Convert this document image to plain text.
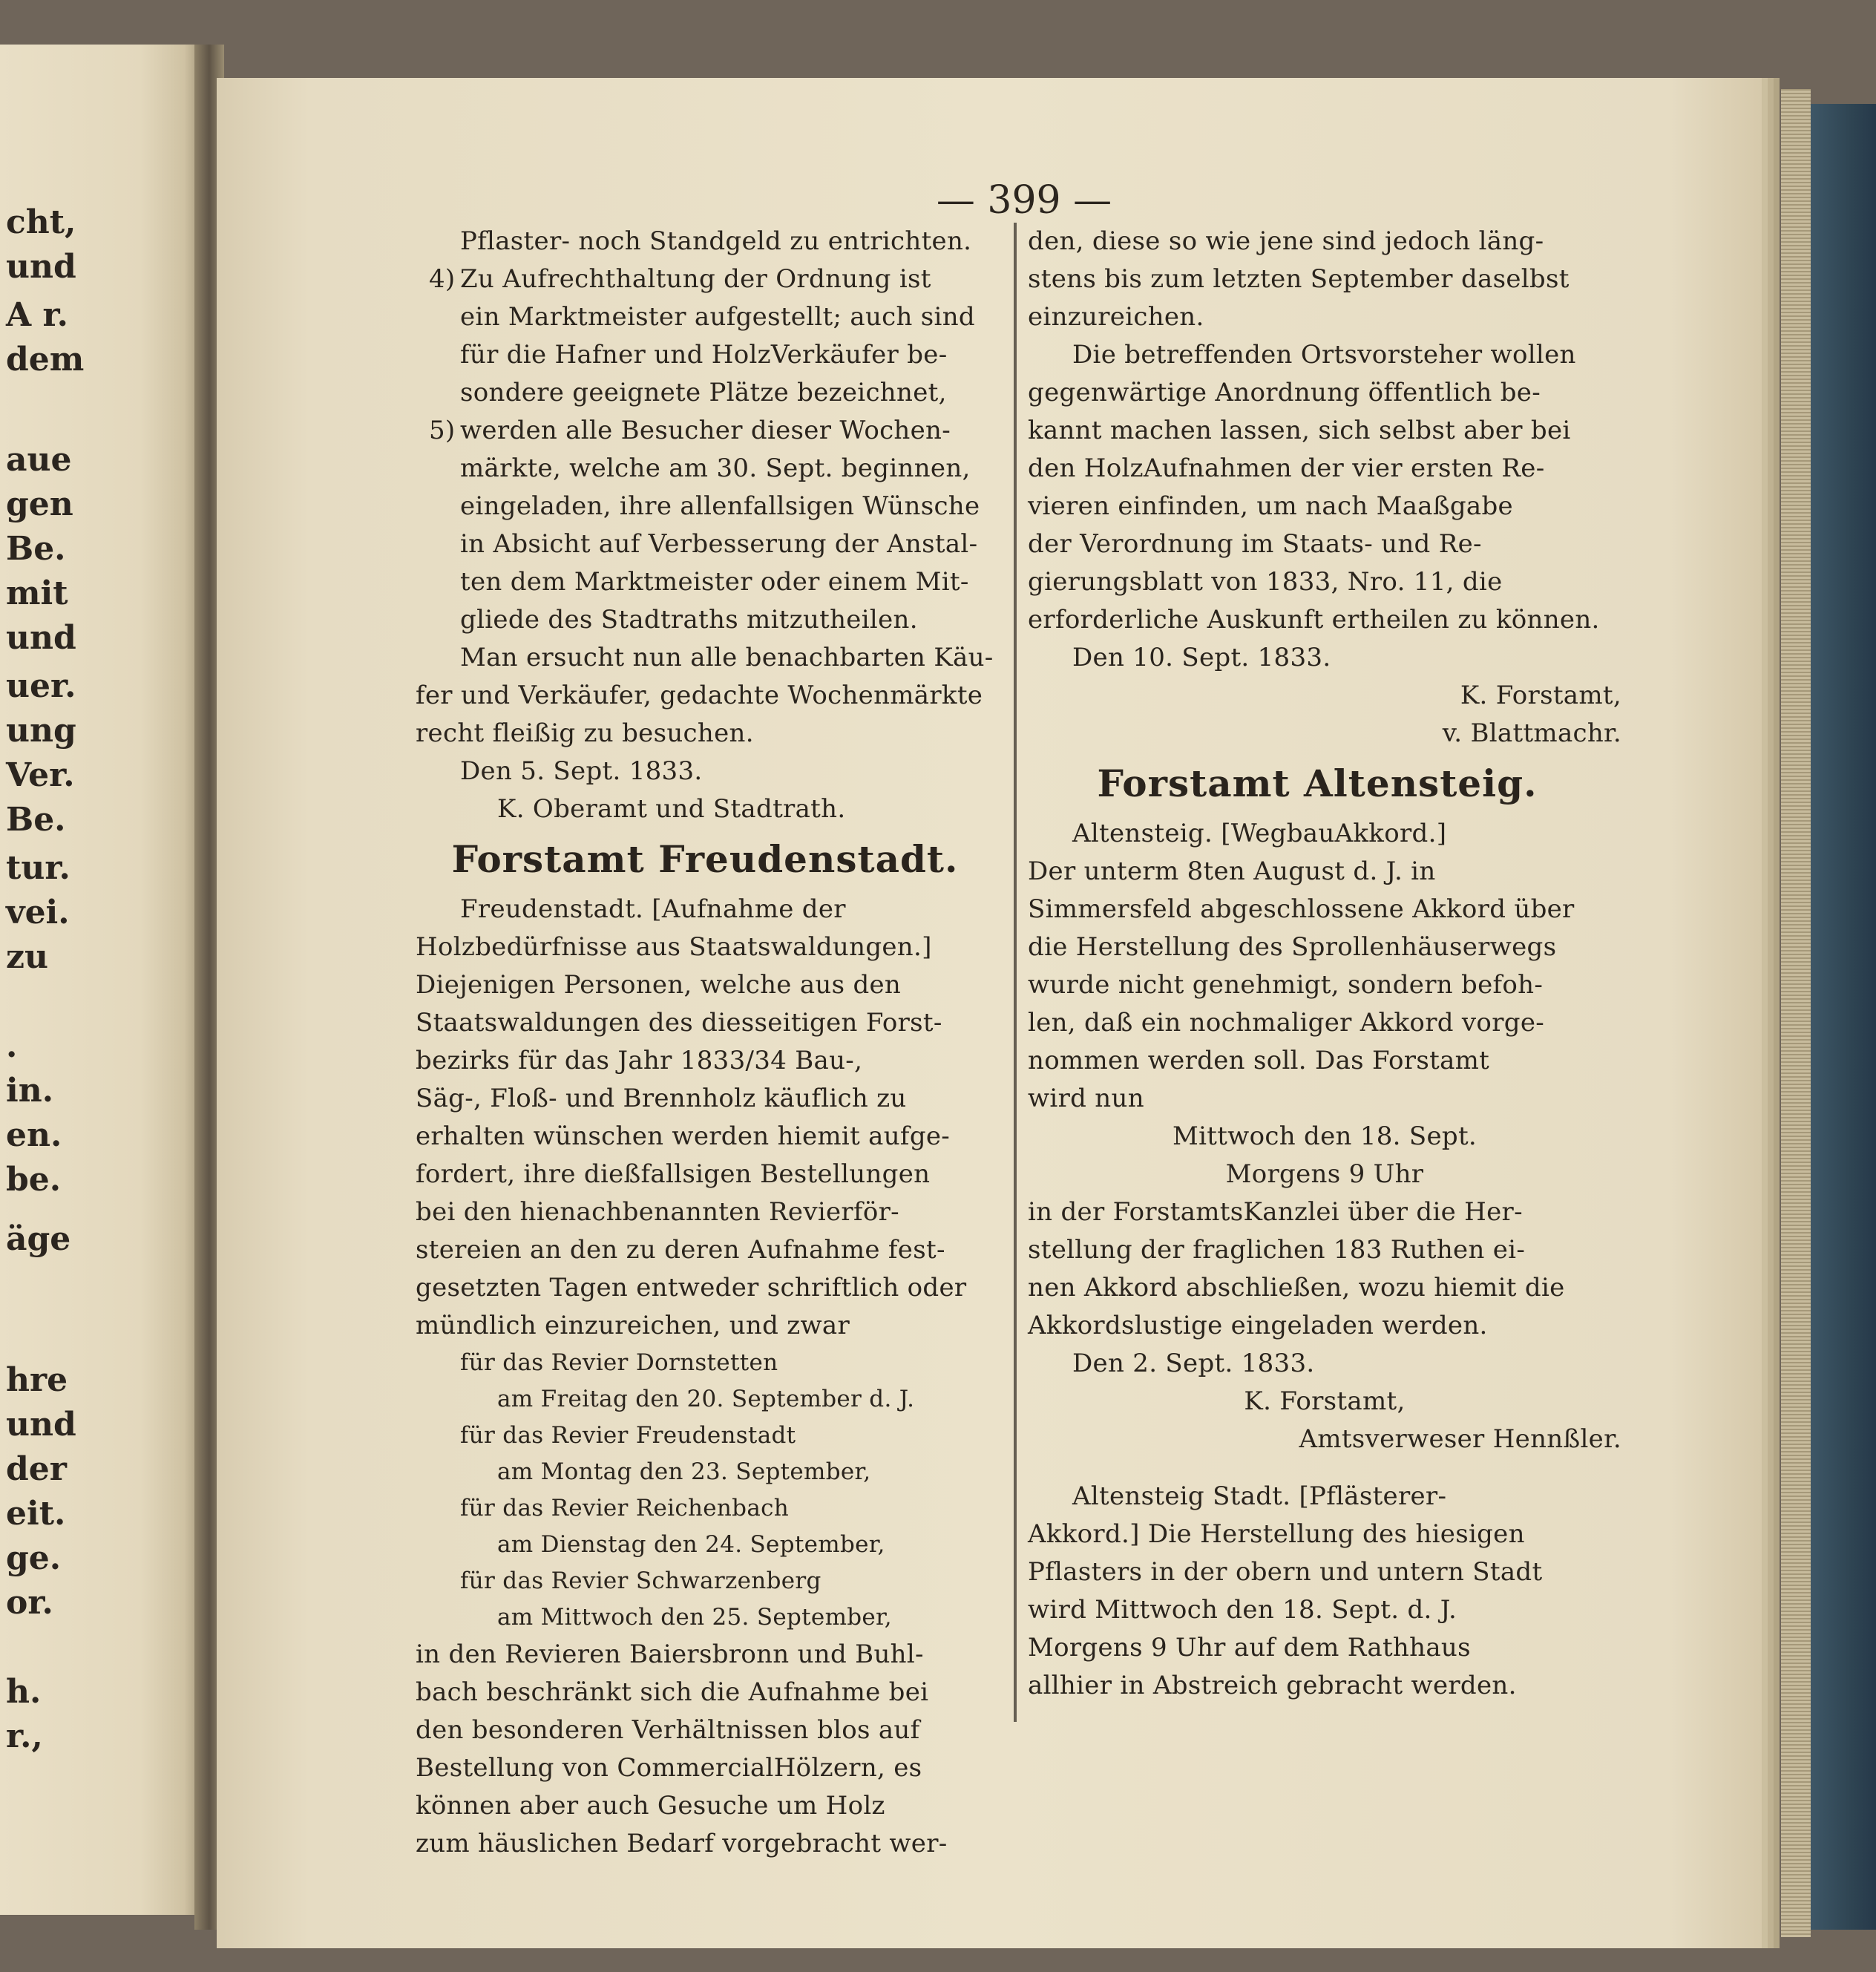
cht,
und
A r.
dem
aue
gen
Be.
mit
und
uer.
ung
Ver.
Be.
tur.
vei.
zu
.
in.
en.
be.
äge
hre
und
der
eit.
ge.
or.
h.
r.,
— 399 —

Pflaster- noch Standgeld zu entrichten.

4) Zu Aufrechthaltung der Ordnung ist

ein Marktmeister aufgestellt; auch sind

für die Hafner und HolzVerkäufer be-

sondere geeignete Plätze bezeichnet,

5) werden alle Besucher dieser Wochen-

märkte, welche am 30. Sept. beginnen,

eingeladen, ihre allenfallsigen Wünsche

in Absicht auf Verbesserung der Anstal-

ten dem Marktmeister oder einem Mit-

gliede des Stadtraths mitzutheilen.

Man ersucht nun alle benachbarten Käu-

fer und Verkäufer, gedachte Wochenmärkte

recht fleißig zu besuchen.

Den 5. Sept. 1833.

K. Oberamt und Stadtrath.

Forstamt Freudenstadt.

Freudenstadt. [Aufnahme der

Holzbedürfnisse aus Staatswaldungen.]

Diejenigen Personen, welche aus den

Staatswaldungen des diesseitigen Forst-

bezirks für das Jahr 1833/34 Bau-,

Säg-, Floß- und Brennholz käuflich zu

erhalten wünschen werden hiemit aufge-

fordert, ihre dießfallsigen Bestellungen

bei den hienachbenannten Revierför-

stereien an den zu deren Aufnahme fest-

gesetzten Tagen entweder schriftlich oder

mündlich einzureichen, und zwar

für das Revier Dornstetten

am Freitag den 20. September d. J.

für das Revier Freudenstadt

am Montag den 23. September,

für das Revier Reichenbach

am Dienstag den 24. September,

für das Revier Schwarzenberg

am Mittwoch den 25. September,

in den Revieren Baiersbronn und Buhl-

bach beschränkt sich die Aufnahme bei

den besonderen Verhältnissen blos auf

Bestellung von CommercialHölzern, es

können aber auch Gesuche um Holz

zum häuslichen Bedarf vorgebracht wer-

den, diese so wie jene sind jedoch läng-

stens bis zum letzten September daselbst

einzureichen.

Die betreffenden Ortsvorsteher wollen

gegenwärtige Anordnung öffentlich be-

kannt machen lassen, sich selbst aber bei

den HolzAufnahmen der vier ersten Re-

vieren einfinden, um nach Maaßgabe

der Verordnung im Staats- und Re-

gierungsblatt von 1833, Nro. 11, die

erforderliche Auskunft ertheilen zu können.

Den 10. Sept. 1833.

K. Forstamt,

v. Blattmachr.

Forstamt Altensteig.

Altensteig. [WegbauAkkord.]

Der unterm 8ten August d. J. in

Simmersfeld abgeschlossene Akkord über

die Herstellung des Sprollenhäuserwegs

wurde nicht genehmigt, sondern befoh-

len, daß ein nochmaliger Akkord vorge-

nommen werden soll. Das Forstamt

wird nun

Mittwoch den 18. Sept.

Morgens 9 Uhr

in der ForstamtsKanzlei über die Her-

stellung der fraglichen 183 Ruthen ei-

nen Akkord abschließen, wozu hiemit die

Akkordslustige eingeladen werden.

Den 2. Sept. 1833.

K. Forstamt,

Amtsverweser Hennßler.

Altensteig Stadt. [Pflästerer-

Akkord.] Die Herstellung des hiesigen

Pflasters in der obern und untern Stadt

wird Mittwoch den 18. Sept. d. J.

Morgens 9 Uhr auf dem Rathhaus

allhier in Abstreich gebracht werden.
